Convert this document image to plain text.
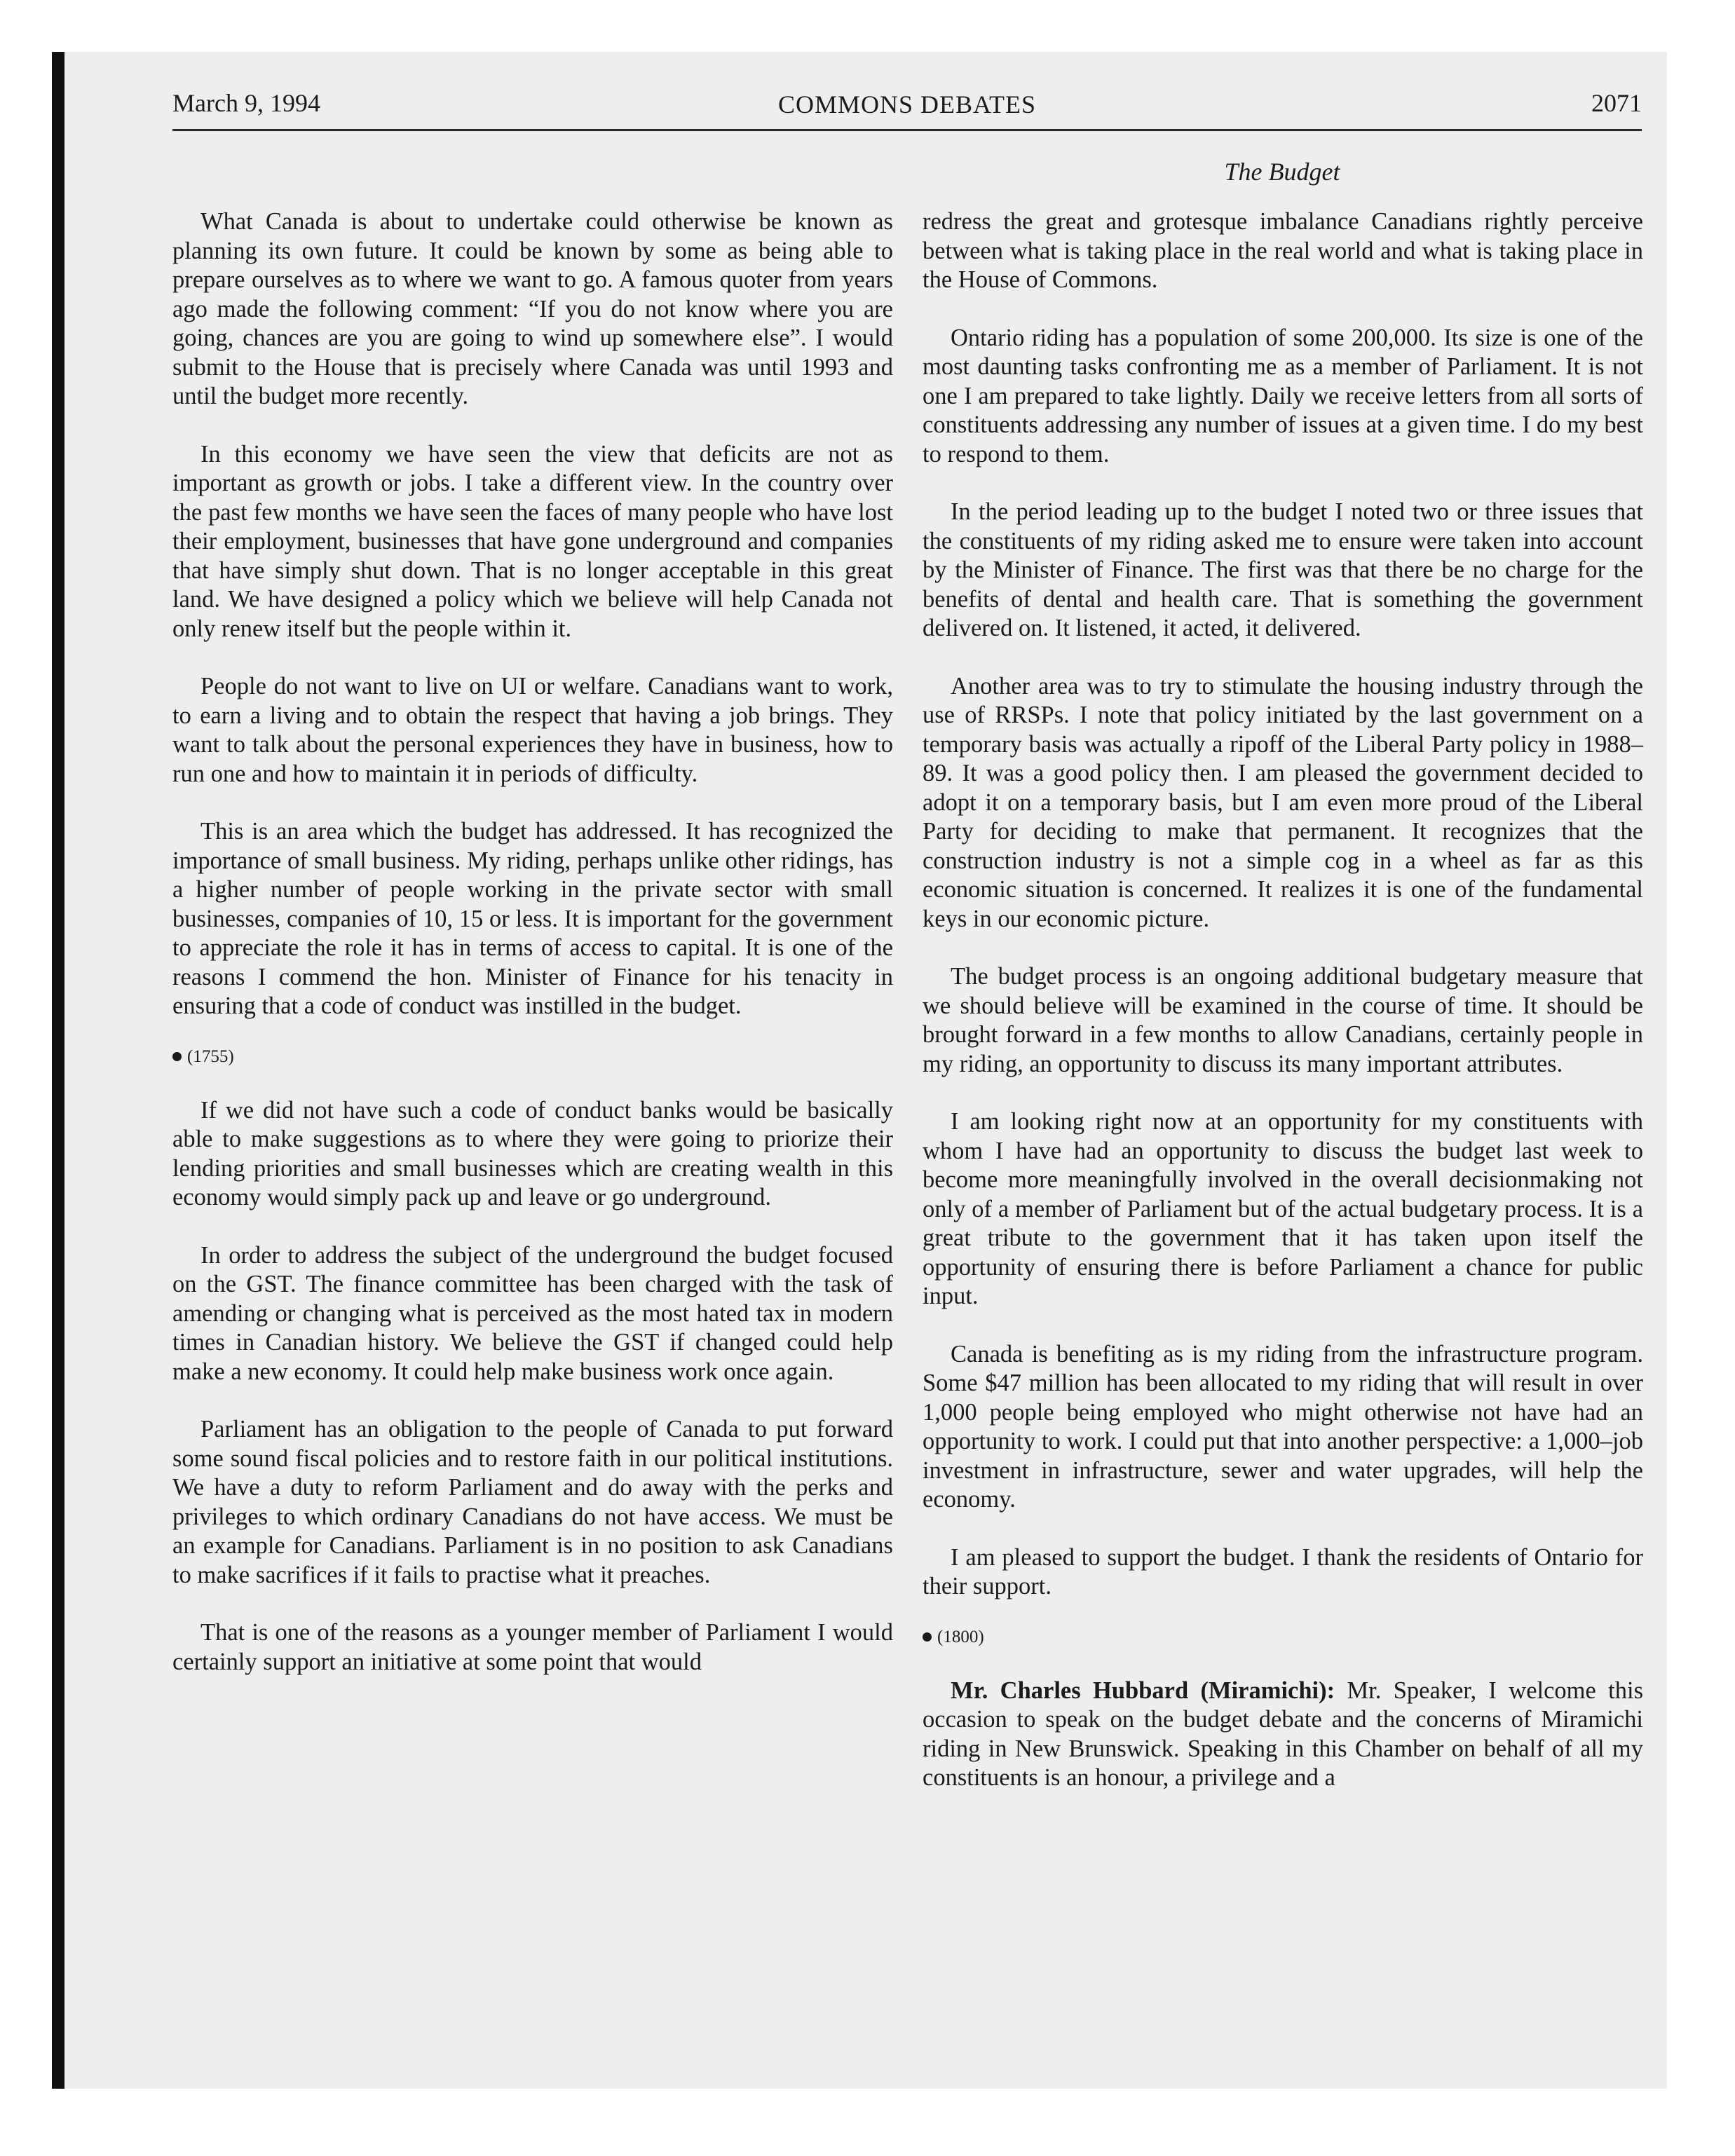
March 9, 1994	COMMONS DEBATES	2071
The Budget

What Canada is about to undertake could otherwise be known as planning its own future. It could be known by some as being able to prepare ourselves as to where we want to go. A famous quoter from years ago made the following comment: “If you do not know where you are going, chances are you are going to wind up somewhere else”. I would submit to the House that is precisely where Canada was until 1993 and until the budget more recently.

In this economy we have seen the view that deficits are not as important as growth or jobs. I take a different view. In the country over the past few months we have seen the faces of many people who have lost their employment, businesses that have gone underground and companies that have simply shut down. That is no longer acceptable in this great land. We have designed a policy which we believe will help Canada not only renew itself but the people within it.

People do not want to live on UI or welfare. Canadians want to work, to earn a living and to obtain the respect that having a job brings. They want to talk about the personal experiences they have in business, how to run one and how to maintain it in periods of difficulty.

This is an area which the budget has addressed. It has recognized the importance of small business. My riding, perhaps unlike other ridings, has a higher number of people working in the private sector with small businesses, companies of 10, 15 or less. It is important for the government to appreciate the role it has in terms of access to capital. It is one of the reasons I commend the hon. Minister of Finance for his tenacity in ensuring that a code of conduct was instilled in the budget.

(1755)

If we did not have such a code of conduct banks would be basically able to make suggestions as to where they were going to priorize their lending priorities and small businesses which are creating wealth in this economy would simply pack up and leave or go underground.

In order to address the subject of the underground the budget focused on the GST. The finance committee has been charged with the task of amending or changing what is perceived as the most hated tax in modern times in Canadian history. We believe the GST if changed could help make a new economy. It could help make business work once again.

Parliament has an obligation to the people of Canada to put forward some sound fiscal policies and to restore faith in our political institutions. We have a duty to reform Parliament and do away with the perks and privileges to which ordinary Canadians do not have access. We must be an example for Canadians. Parliament is in no position to ask Canadians to make sacrifices if it fails to practise what it preaches.

That is one of the reasons as a younger member of Parliament I would certainly support an initiative at some point that would

redress the great and grotesque imbalance Canadians rightly perceive between what is taking place in the real world and what is taking place in the House of Commons.

Ontario riding has a population of some 200,000. Its size is one of the most daunting tasks confronting me as a member of Parliament. It is not one I am prepared to take lightly. Daily we receive letters from all sorts of constituents addressing any number of issues at a given time. I do my best to respond to them.

In the period leading up to the budget I noted two or three issues that the constituents of my riding asked me to ensure were taken into account by the Minister of Finance. The first was that there be no charge for the benefits of dental and health care. That is something the government delivered on. It listened, it acted, it delivered.

Another area was to try to stimulate the housing industry through the use of RRSPs. I note that policy initiated by the last government on a temporary basis was actually a ripoff of the Liberal Party policy in 1988–89. It was a good policy then. I am pleased the government decided to adopt it on a temporary basis, but I am even more proud of the Liberal Party for deciding to make that permanent. It recognizes that the construction industry is not a simple cog in a wheel as far as this economic situation is concerned. It realizes it is one of the fundamental keys in our economic picture.

The budget process is an ongoing additional budgetary measure that we should believe will be examined in the course of time. It should be brought forward in a few months to allow Canadians, certainly people in my riding, an opportunity to discuss its many important attributes.

I am looking right now at an opportunity for my constituents with whom I have had an opportunity to discuss the budget last week to become more meaningfully involved in the overall decisionmaking not only of a member of Parliament but of the actual budgetary process. It is a great tribute to the government that it has taken upon itself the opportunity of ensuring there is before Parliament a chance for public input.

Canada is benefiting as is my riding from the infrastructure program. Some $47 million has been allocated to my riding that will result in over 1,000 people being employed who might otherwise not have had an opportunity to work. I could put that into another perspective: a 1,000–job investment in infrastructure, sewer and water upgrades, will help the economy.

I am pleased to support the budget. I thank the residents of Ontario for their support.

(1800)

Mr. Charles Hubbard (Miramichi): Mr. Speaker, I welcome this occasion to speak on the budget debate and the concerns of Miramichi riding in New Brunswick. Speaking in this Chamber on behalf of all my constituents is an honour, a privilege and a
